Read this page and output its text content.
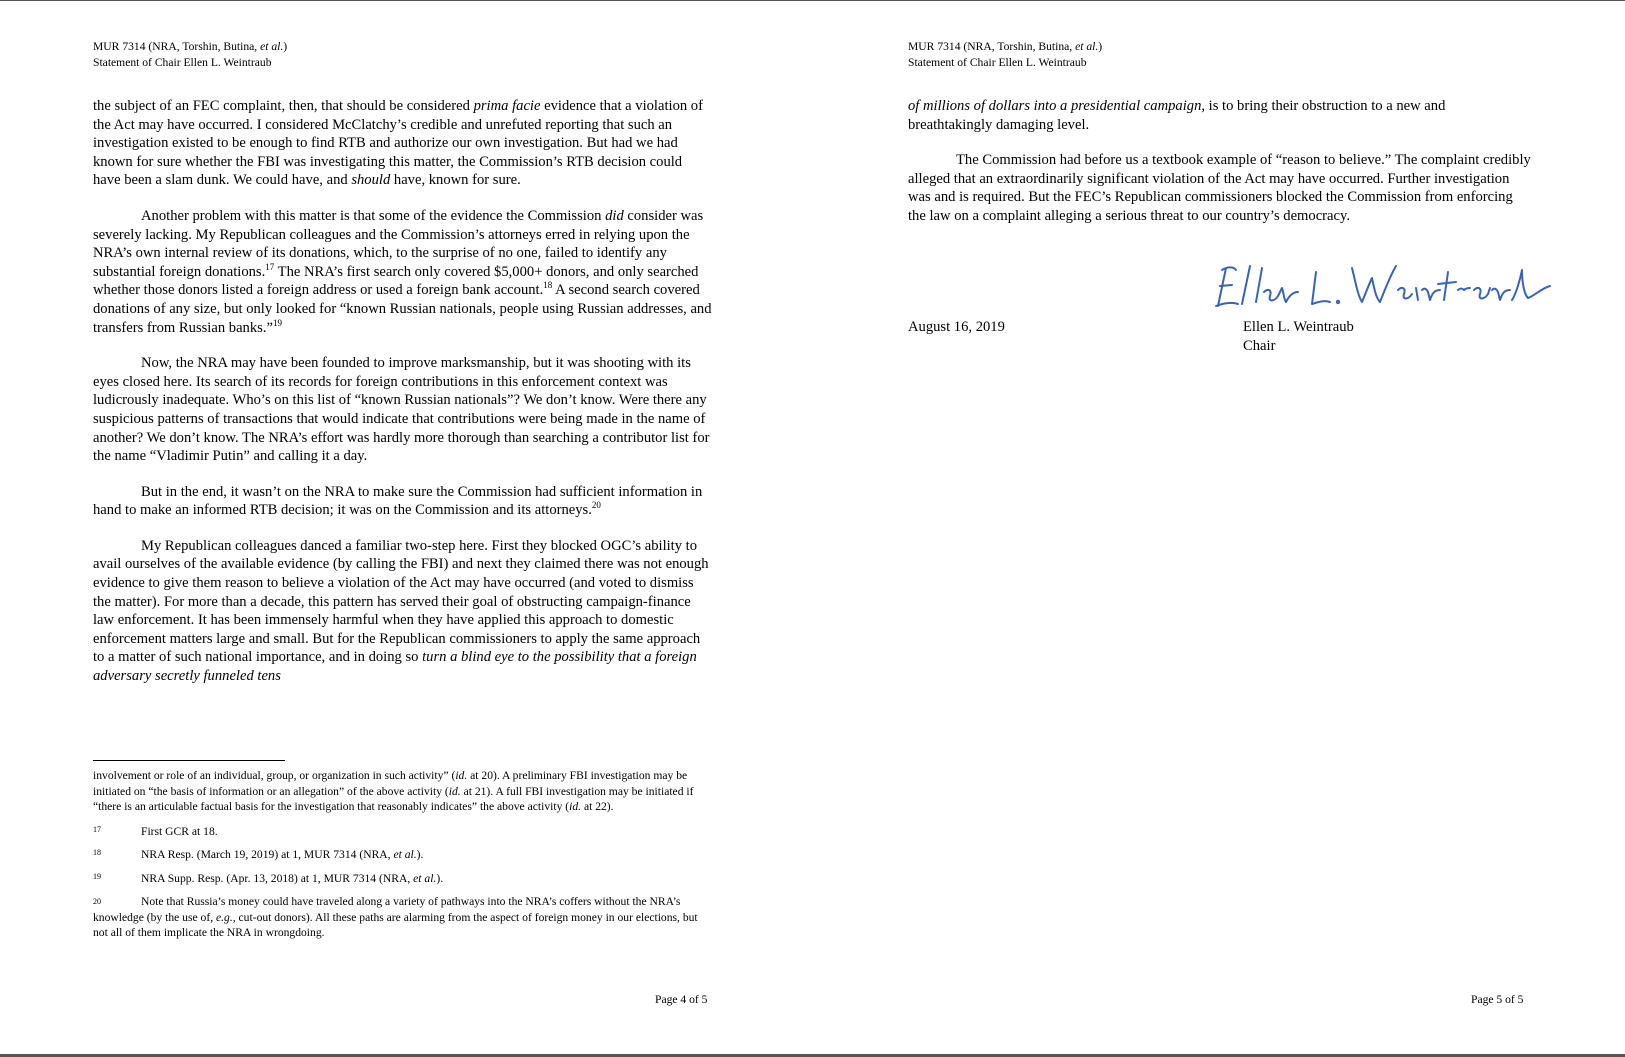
MUR 7314 (NRA, Torshin, Butina, et al.)
Statement of Chair Ellen L. Weintraub

the subject of an FEC complaint, then, that should be considered prima facie evidence that a violation of the Act may have occurred. I considered McClatchy’s credible and unrefuted reporting that such an investigation existed to be enough to find RTB and authorize our own investigation. But had we had known for sure whether the FBI was investigating this matter, the Commission’s RTB decision could have been a slam dunk. We could have, and should have, known for sure.

Another problem with this matter is that some of the evidence the Commission did consider was severely lacking. My Republican colleagues and the Commission’s attorneys erred in relying upon the NRA’s own internal review of its donations, which, to the surprise of no one, failed to identify any substantial foreign donations.$^{17}$ The NRA’s first search only covered $5,000+ donors, and only searched whether those donors listed a foreign address or used a foreign bank account.$^{18}$ A second search covered donations of any size, but only looked for “known Russian nationals, people using Russian addresses, and transfers from Russian banks.”$^{19}$

Now, the NRA may have been founded to improve marksmanship, but it was shooting with its eyes closed here. Its search of its records for foreign contributions in this enforcement context was ludicrously inadequate. Who’s on this list of “known Russian nationals”? We don’t know. Were there any suspicious patterns of transactions that would indicate that contributions were being made in the name of another? We don’t know. The NRA’s effort was hardly more thorough than searching a contributor list for the name “Vladimir Putin” and calling it a day.

But in the end, it wasn’t on the NRA to make sure the Commission had sufficient information in hand to make an informed RTB decision; it was on the Commission and its attorneys.$^{20}$

My Republican colleagues danced a familiar two-step here. First they blocked OGC’s ability to avail ourselves of the available evidence (by calling the FBI) and next they claimed there was not enough evidence to give them reason to believe a violation of the Act may have occurred (and voted to dismiss the matter). For more than a decade, this pattern has served their goal of obstructing campaign-finance law enforcement. It has been immensely harmful when they have applied this approach to domestic enforcement matters large and small. But for the Republican commissioners to apply the same approach to a matter of such national importance, and in doing so turn a blind eye to the possibility that a foreign adversary secretly funneled tens

involvement or role of an individual, group, or organization in such activity” (id. at 20). A preliminary FBI investigation may be initiated on “the basis of information or an allegation” of the above activity (id. at 21). A full FBI investigation may be initiated if “there is an articulable factual basis for the investigation that reasonably indicates” the above activity (id. at 22).
17	First GCR at 18.
18	NRA Resp. (March 19, 2019) at 1, MUR 7314 (NRA, et al.).
19	NRA Supp. Resp. (Apr. 13, 2018) at 1, MUR 7314 (NRA, et al.).
20	Note that Russia’s money could have traveled along a variety of pathways into the NRA’s coffers without the NRA’s knowledge (by the use of, e.g., cut-out donors). All these paths are alarming from the aspect of foreign money in our elections, but not all of them implicate the NRA in wrongdoing.
Page 4 of 5
MUR 7314 (NRA, Torshin, Butina, et al.)
Statement of Chair Ellen L. Weintraub

of millions of dollars into a presidential campaign, is to bring their obstruction to a new and breathtakingly damaging level.

The Commission had before us a textbook example of “reason to believe.” The complaint credibly alleged that an extraordinarily significant violation of the Act may have occurred. Further investigation was and is required. But the FEC’s Republican commissioners blocked the Commission from enforcing the law on a complaint alleging a serious threat to our country’s democracy.

August 16, 2019	Ellen L. Weintraub
Chair
Page 5 of 5
